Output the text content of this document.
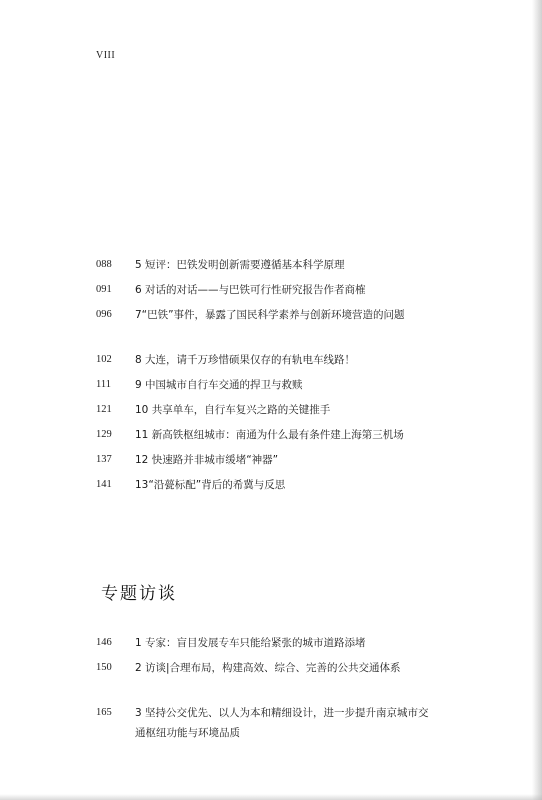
VIII
088	5 短评：巴铁发明创新需要遵循基本科学原理
091	6 对话的对话——与巴铁可行性研究报告作者商榷
096	7“巴铁”事件，暴露了国民科学素养与创新环境营造的问题
102	8 大连，请千万珍惜硕果仅存的有轨电车线路！
111	9 中国城市自行车交通的捍卫与救赎
121	10 共享单车，自行车复兴之路的关键推手
129	11 新高铁枢纽城市：南通为什么最有条件建上海第三机场
137	12 快速路并非城市缓堵“神器”
141	13“沿甍标配”背后的希冀与反思
专题访谈
146	1 专家：盲目发展专车只能给紧张的城市道路添堵
150	2 访谈|合理布局，构建高效、综合、完善的公共交通体系
165	3 坚持公交优先、以人为本和精细设计，进一步提升南京城市交通枢纽功能与环境品质
